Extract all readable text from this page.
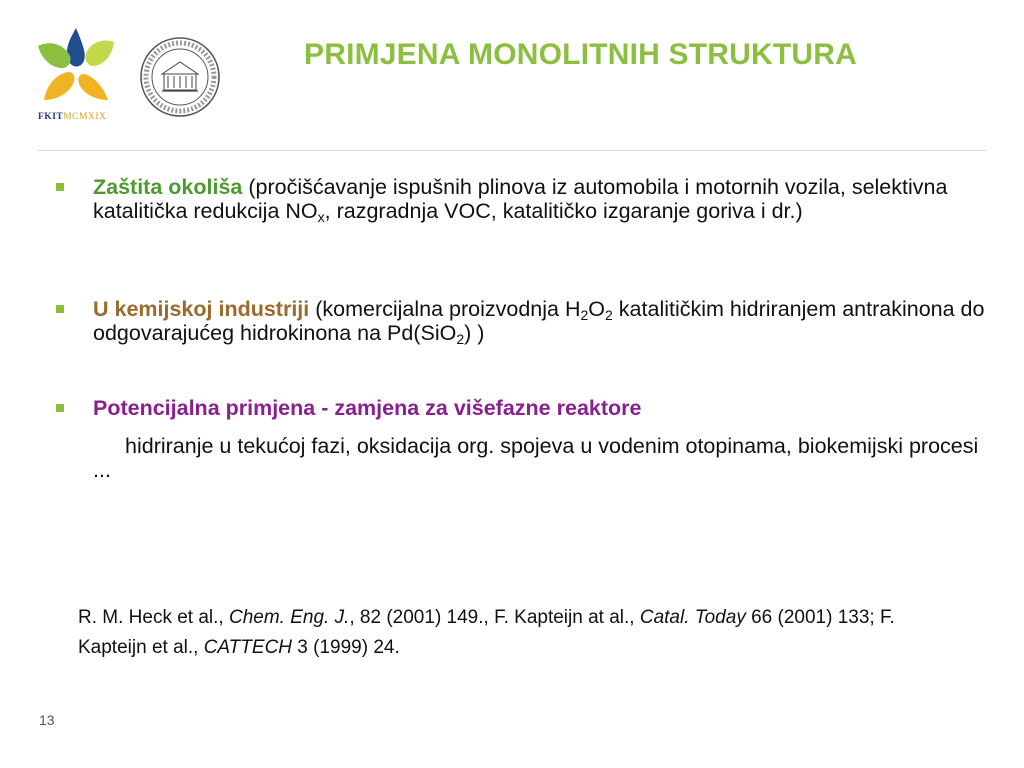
FKITMCMXIX
PRIMJENA MONOLITNIH STRUKTURA
Zaštita okoliša (pročišćavanje ispušnih plinova iz automobila i motornih vozila, selektivna katalitička redukcija $NO_x$, razgradnja VOC, katalitičko izgaranje goriva i dr.)
U kemijskoj industriji (komercijalna proizvodnja $H_2O_2$ katalitičkim hidriranjem antrakinona do odgovarajućeg hidrokinona na Pd(SiO$_2$) )
Potencijalna primjena - zamjena za višefazne reaktore
hidriranje u tekućoj fazi, oksidacija org. spojeva u vodenim otopinama, biokemijski procesi ...
R. M. Heck et al., Chem. Eng. J., 82 (2001) 149., F. Kapteijn at al., Catal. Today 66 (2001) 133; F. Kapteijn et al., CATTECH 3 (1999) 24.
13
